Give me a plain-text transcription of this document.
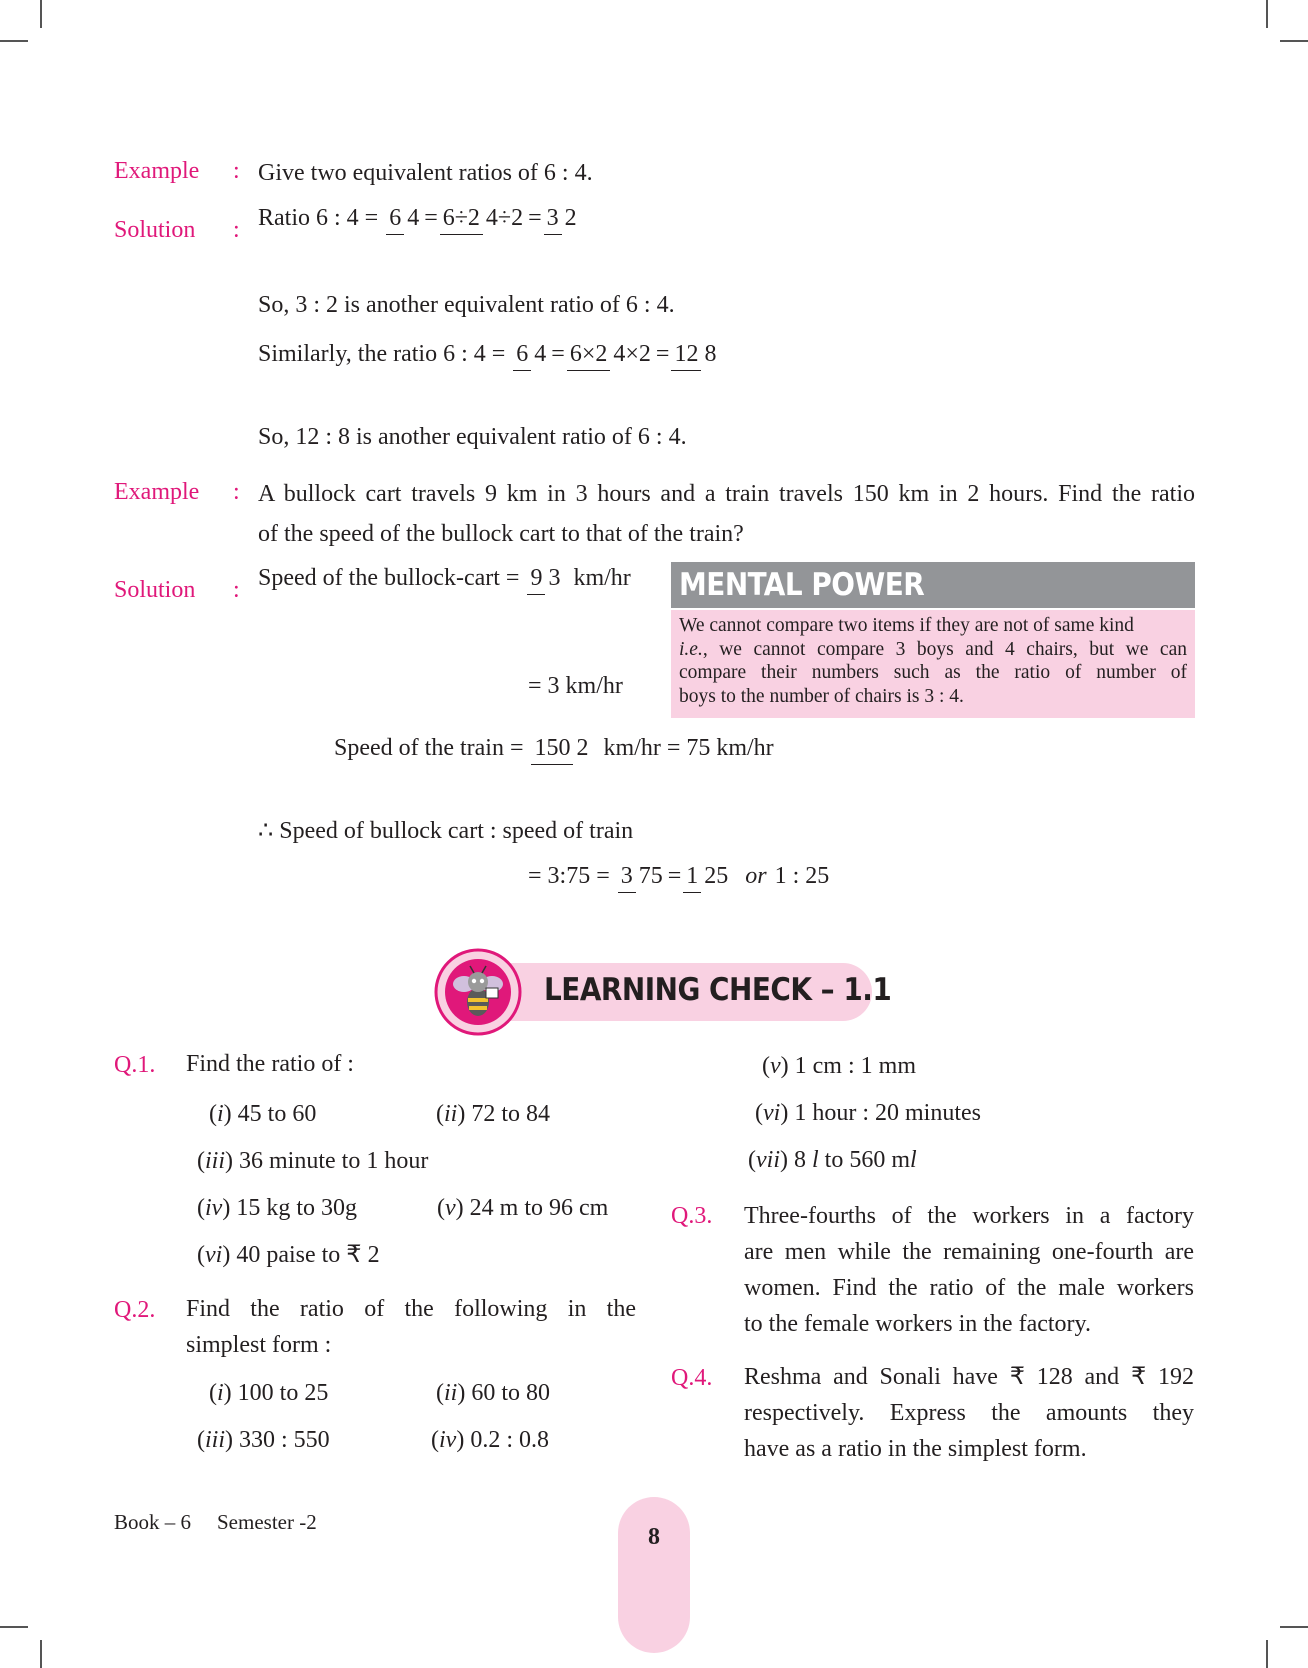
Example : Give two equivalent ratios of 6 : 4.
Solution : Ratio 6 : 4 = 6 4 = 6÷2 4÷2 = 3 2
So, 3 : 2 is another equivalent ratio of 6 : 4.
Similarly, the ratio 6 : 4 = 6 4 = 6×2 4×2 = 12 8
So, 12 : 8 is another equivalent ratio of 6 : 4.
Example : A bullock cart travels 9 km in 3 hours and a train travels 150 km in 2 hours. Find the ratio
of the speed of the bullock cart to that of the train?
Solution : Speed of the bullock-cart = 9 3 km/hr
= 3 km/hr
MENTAL POWER
We cannot compare two items if they are not of same kind
i.e., we cannot compare 3 boys and 4 chairs, but we can
compare their numbers such as the ratio of number of
boys to the number of chairs is 3 : 4.
Speed of the train = 150 2 km/hr = 75 km/hr
∴ Speed of bullock cart : speed of train
= 3:75 = 3 75 = 1 25 or 1 : 25
LEARNING CHECK – 1.1
Q.1. Find the ratio of :
(i) 45 to 60	(ii) 72 to 84
(iii) 36 minute to 1 hour
(iv) 15 kg to 30g	(v) 24 m to 96 cm
(vi) 40 paise to ₹ 2
(v) 1 cm : 1 mm
(vi) 1 hour : 20 minutes
(vii) 8 l to 560 ml
Q.2. Find the ratio of the following in the
simplest form :
(i) 100 to 25	(ii) 60 to 80
(iii) 330 : 550	(iv) 0.2 : 0.8
Q.3. Three-fourths of the workers in a factory
are men while the remaining one-fourth are
women. Find the ratio of the male workers
to the female workers in the factory.
Q.4. Reshma and Sonali have ₹ 128 and ₹ 192
respectively. Express the amounts they
have as a ratio in the simplest form.
Book – 6 Semester -2
8
